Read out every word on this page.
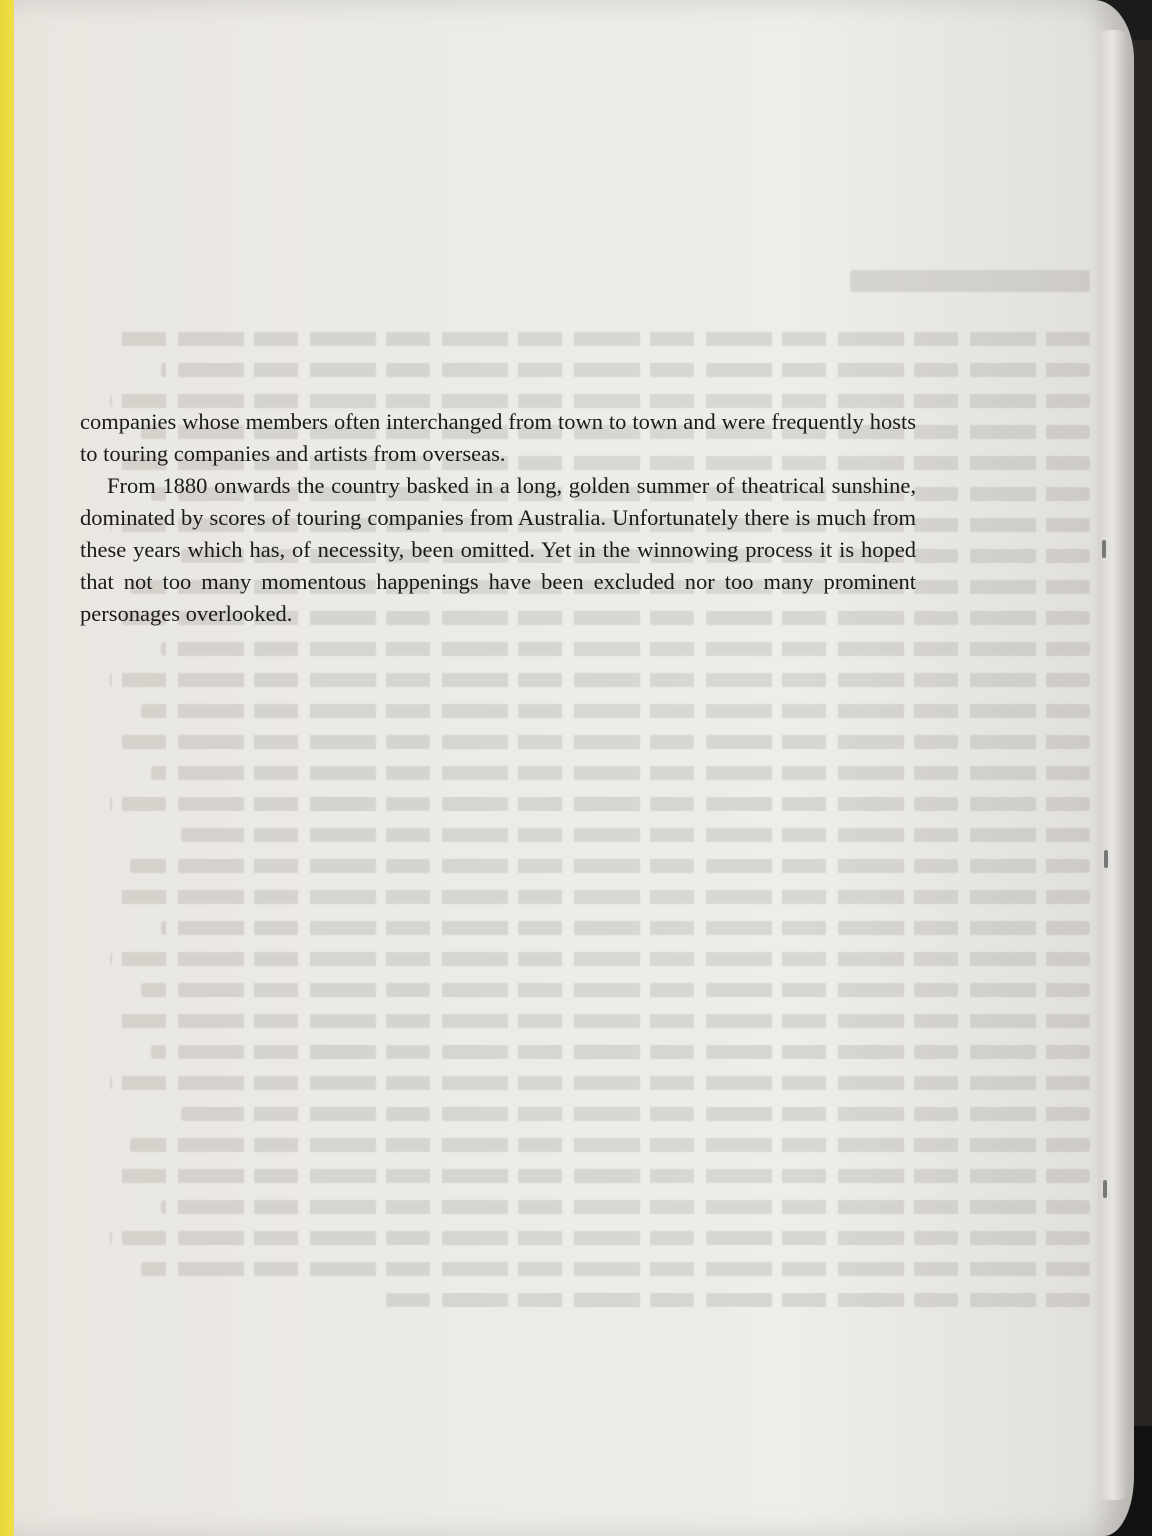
companies whose members often interchanged from town to town and were frequently hosts to touring companies and artists from overseas.

From 1880 onwards the country basked in a long, golden summer of theatrical sunshine, dominated by scores of touring companies from Australia. Unfortunately there is much from these years which has, of necessity, been omitted. Yet in the winnowing process it is hoped that not too many momentous happenings have been excluded nor too many prominent personages overlooked.
